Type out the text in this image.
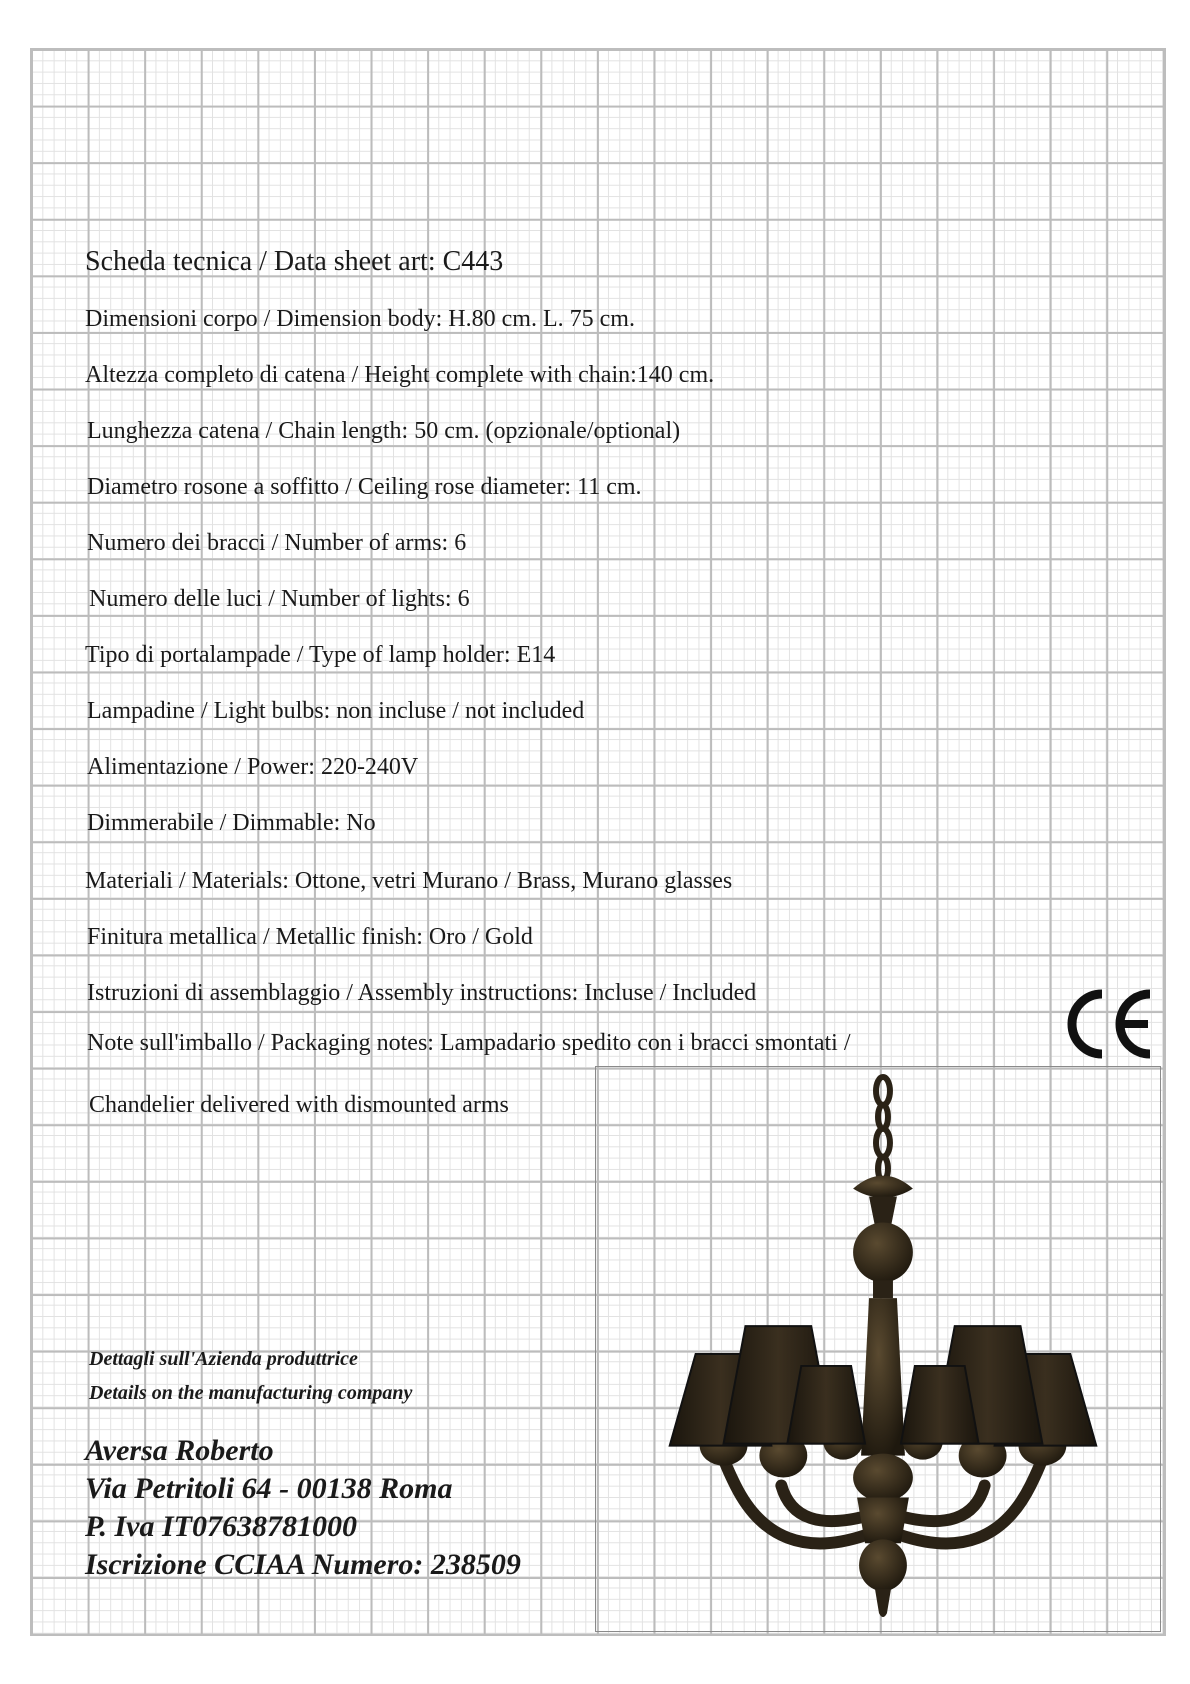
Scheda tecnica / Data sheet art: C443

Dimensioni corpo / Dimension body: H.80 cm. L. 75 cm.

Altezza completo di catena / Height complete with chain:140 cm.

Lunghezza catena / Chain length: 50 cm. (opzionale/optional)

Diametro rosone a soffitto / Ceiling rose diameter: 11 cm.

Numero dei bracci / Number of arms: 6

Numero delle luci / Number of lights: 6

Tipo di portalampade / Type of lamp holder: E14

Lampadine / Light bulbs: non incluse / not included

Alimentazione / Power: 220-240V

Dimmerabile / Dimmable: No

Materiali / Materials: Ottone, vetri Murano / Brass, Murano glasses

Finitura metallica / Metallic finish: Oro / Gold

Istruzioni di assemblaggio / Assembly instructions: Incluse / Included

Note sull'imballo / Packaging notes: Lampadario spedito con i bracci smontati /

Chandelier delivered with dismounted arms

Dettagli sull'Azienda produttrice

Details on the manufacturing company

Aversa Roberto

Via Petritoli 64 - 00138 Roma

P. Iva IT07638781000

Iscrizione CCIAA Numero: 238509
